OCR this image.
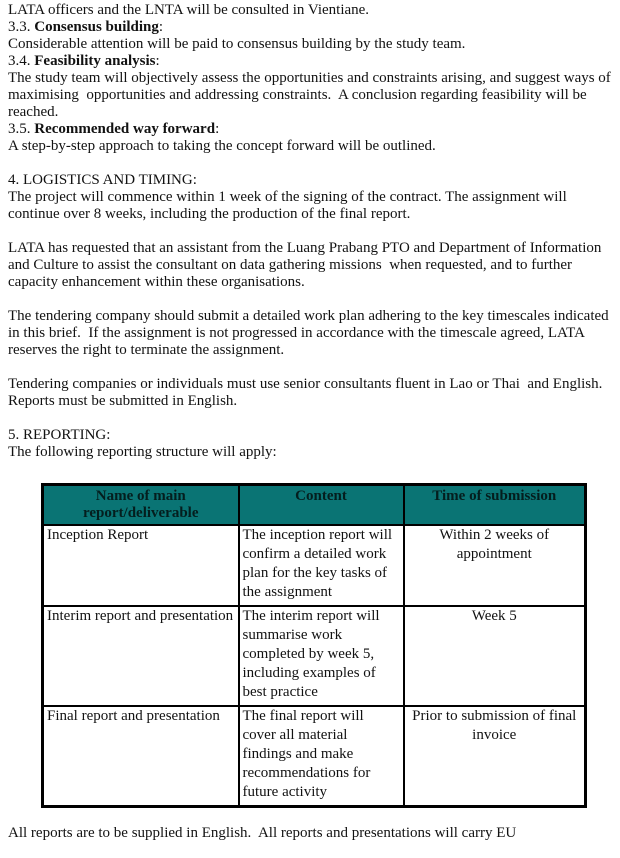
LATA officers and the LNTA will be consulted in Vientiane.

3.3. Consensus building:

Considerable attention will be paid to consensus building by the study team.

3.4. Feasibility analysis:

The study team will objectively assess the opportunities and constraints arising, and suggest ways of maximising  opportunities and addressing constraints.  A conclusion regarding feasibility will be reached.

3.5. Recommended way forward:

A step-by-step approach to taking the concept forward will be outlined.

4. LOGISTICS AND TIMING:

The project will commence within 1 week of the signing of the contract. The assignment will continue over 8 weeks, including the production of the final report.

LATA has requested that an assistant from the Luang Prabang PTO and Department of Information and Culture to assist the consultant on data gathering missions  when requested, and to further capacity enhancement within these organisations.

The tendering company should submit a detailed work plan adhering to the key timescales indicated in this brief.  If the assignment is not progressed in accordance with the timescale agreed, LATA reserves the right to terminate the assignment.

Tendering companies or individuals must use senior consultants fluent in Lao or Thai  and English.  Reports must be submitted in English.

5. REPORTING:

The following reporting structure will apply:

Name of main report/deliverable	Content	Time of submission
Inception Report	The inception report will confirm a detailed work plan for the key tasks of the assignment	Within 2 weeks of appointment
Interim report and presentation	The interim report will summarise work completed by week 5, including examples of best practice	Week 5
Final report and presentation	The final report will cover all material findings and make recommendations for future activity	Prior to submission of final invoice

All reports are to be supplied in English.  All reports and presentations will carry EU
